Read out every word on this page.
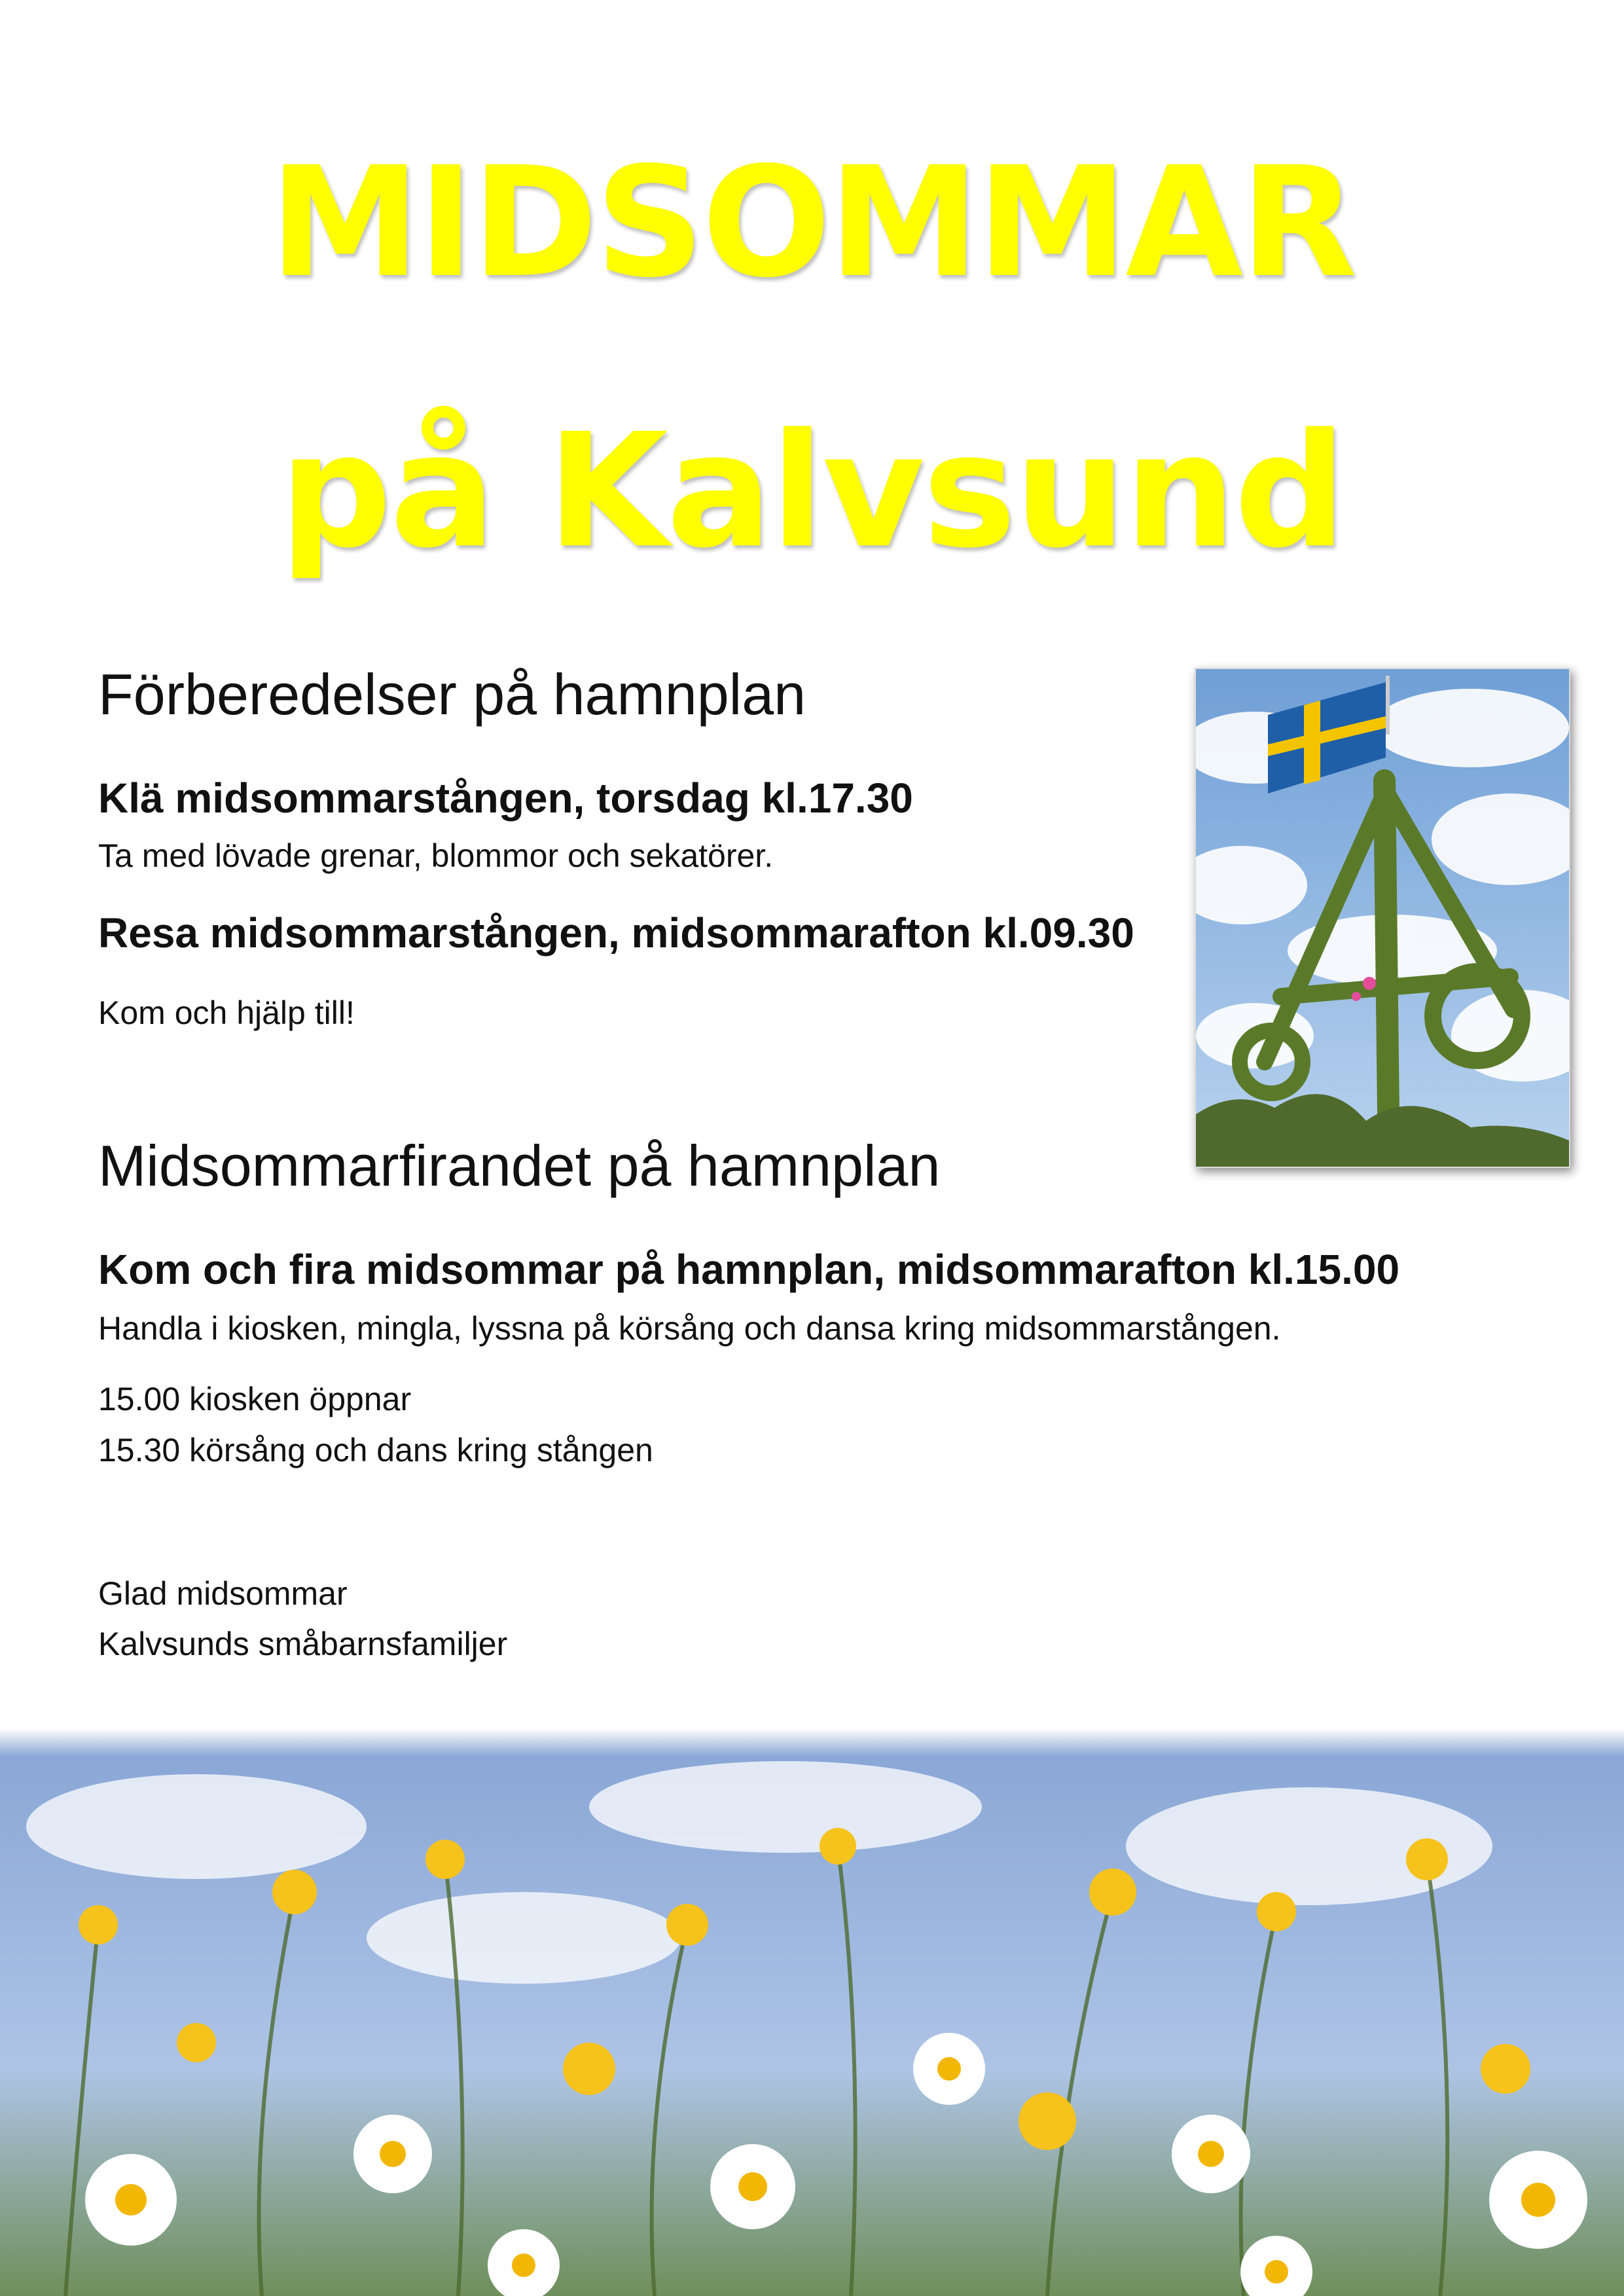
MIDSOMMAR
på Kalvsund
Förberedelser på hamnplan
Klä midsommarstången, torsdag kl.17.30

Ta med lövade grenar, blommor och sekatörer.

Resa midsommarstången, midsommarafton kl.09.30

Kom och hjälp till!

Midsommarfirandet på hamnplan
Kom och fira midsommar på hamnplan, midsommarafton kl.15.00

Handla i kiosken, mingla, lyssna på körsång och dansa kring midsommarstången.

15.00 kiosken öppnar

15.30 körsång och dans kring stången

Glad midsommar

Kalvsunds småbarnsfamiljer
